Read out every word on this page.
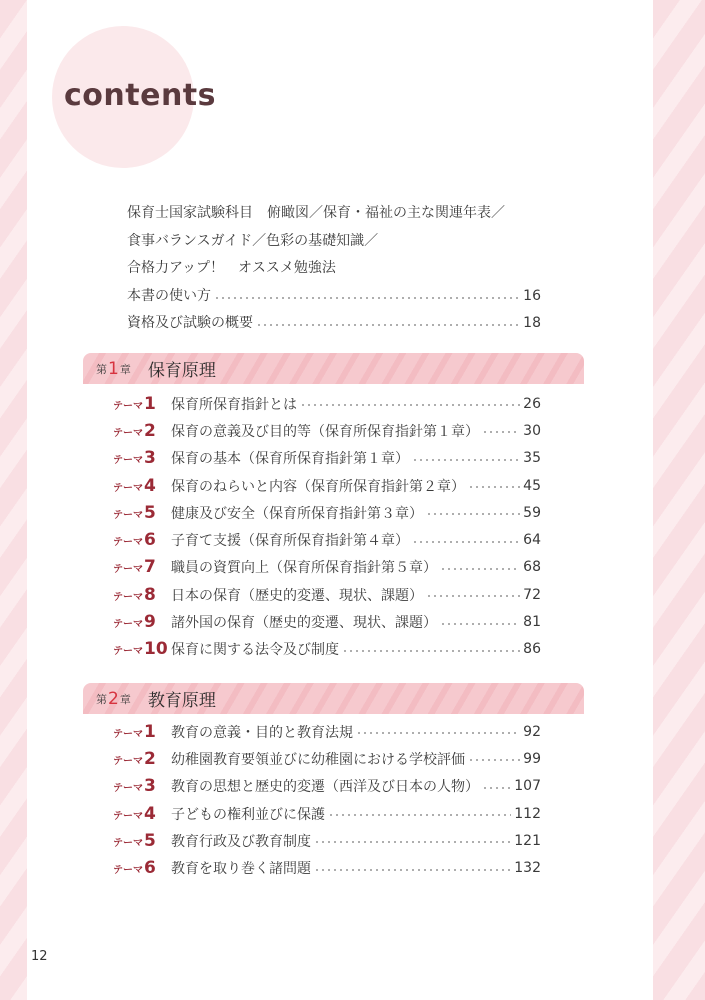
contents
保育士国家試験科目　俯瞰図／保育・福祉の主な関連年表／
食事バランスガイド／色彩の基礎知識／
合格力アップ！　オススメ勉強法
本書の使い方	16
資格及び試験の概要	18
第 1 章 保育原理
テーマ 1 保育所保育指針とは	26
テーマ 2 保育の意義及び目的等（保育所保育指針第１章）	30
テーマ 3 保育の基本（保育所保育指針第１章）	35
テーマ 4 保育のねらいと内容（保育所保育指針第２章）	45
テーマ 5 健康及び安全（保育所保育指針第３章）	59
テーマ 6 子育て支援（保育所保育指針第４章）	64
テーマ 7 職員の資質向上（保育所保育指針第５章）	68
テーマ 8 日本の保育（歴史的変遷、現状、課題）	72
テーマ 9 諸外国の保育（歴史的変遷、現状、課題）	81
テーマ 10 保育に関する法令及び制度	86
第 2 章 教育原理
テーマ 1 教育の意義・目的と教育法規	92
テーマ 2 幼稚園教育要領並びに幼稚園における学校評価	99
テーマ 3 教育の思想と歴史的変遷（西洋及び日本の人物）	107
テーマ 4 子どもの権利並びに保護	112
テーマ 5 教育行政及び教育制度	121
テーマ 6 教育を取り巻く諸問題	132
12
